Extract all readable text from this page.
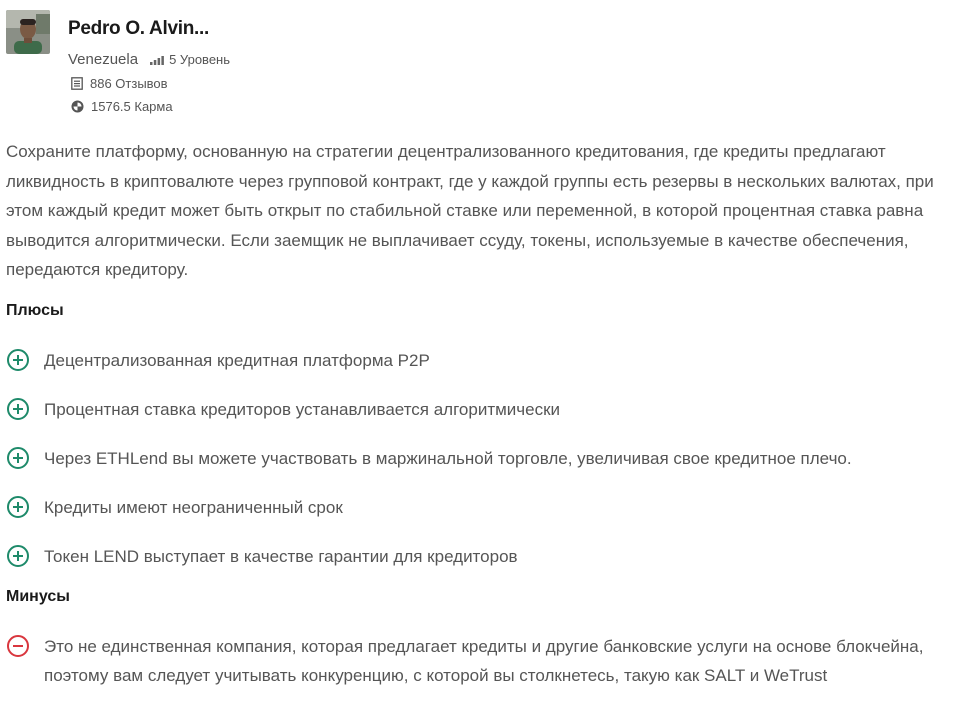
Pedro O. Alvin...
Venezuela 5 Уровень
886 Отзывов
1576.5 Карма
Сохраните платформу, основанную на стратегии децентрализованного кредитования, где кредиты предлагают ликвидность в криптовалюте через групповой контракт, где у каждой группы есть резервы в нескольких валютах, при этом каждый кредит может быть открыт по стабильной ставке или переменной, в которой процентная ставка равна выводится алгоритмически. Если заемщик не выплачивает ссуду, токены, используемые в качестве обеспечения, передаются кредитору.
Плюсы
Децентрализованная кредитная платформа P2P
Процентная ставка кредиторов устанавливается алгоритмически
Через ETHLend вы можете участвовать в маржинальной торговле, увеличивая свое кредитное плечо.
Кредиты имеют неограниченный срок
Токен LEND выступает в качестве гарантии для кредиторов
Минусы
Это не единственная компания, которая предлагает кредиты и другие банковские услуги на основе блокчейна, поэтому вам следует учитывать конкуренцию, с которой вы столкнетесь, такую как SALT и WeTrust
